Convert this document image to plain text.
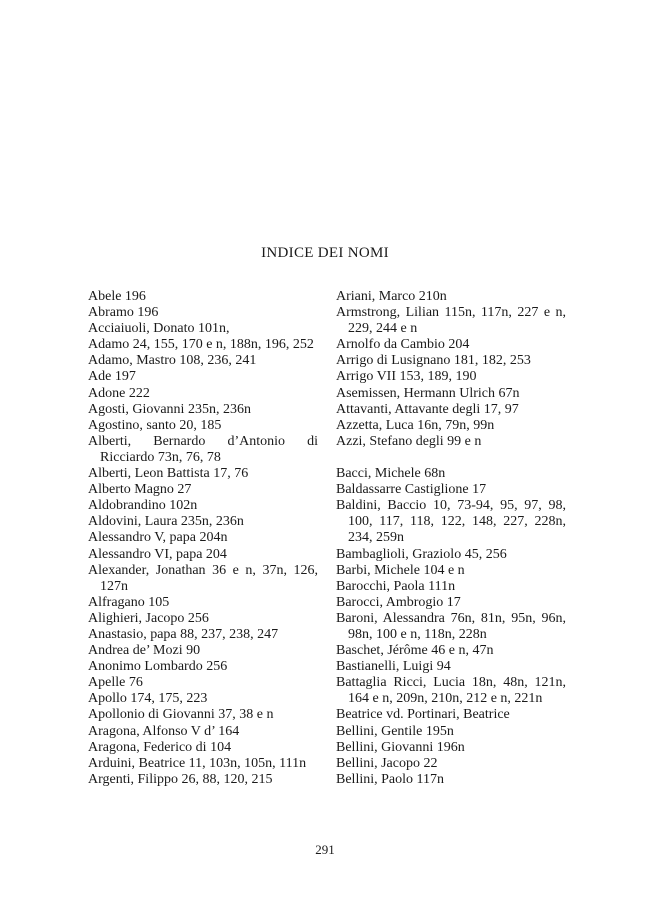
INDICE DEI NOMI
Abele 196
Abramo 196
Acciaiuoli, Donato 101n,
Adamo 24, 155, 170 e n, 188n, 196, 252
Adamo, Mastro 108, 236, 241
Ade 197
Adone 222
Agosti, Giovanni 235n, 236n
Agostino, santo 20, 185
Alberti, Bernardo d’Antonio di Ricciardo 73n, 76, 78
Alberti, Leon Battista 17, 76
Alberto Magno 27
Aldobrandino 102n
Aldovini, Laura 235n, 236n
Alessandro V, papa 204n
Alessandro VI, papa 204
Alexander, Jonathan 36 e n, 37n, 126, 127n
Alfragano 105
Alighieri, Jacopo 256
Anastasio, papa 88, 237, 238, 247
Andrea de’ Mozi 90
Anonimo Lombardo 256
Apelle 76
Apollo 174, 175, 223
Apollonio di Giovanni 37, 38 e n
Aragona, Alfonso V d’ 164
Aragona, Federico di 104
Arduini, Beatrice 11, 103n, 105n, 111n
Argenti, Filippo 26, 88, 120, 215
Ariani, Marco 210n
Armstrong, Lilian 115n, 117n, 227 e n, 229, 244 e n
Arnolfo da Cambio 204
Arrigo di Lusignano 181, 182, 253
Arrigo VII 153, 189, 190
Asemissen, Hermann Ulrich 67n
Attavanti, Attavante degli 17, 97
Azzetta, Luca 16n, 79n, 99n
Azzi, Stefano degli 99 e n
Bacci, Michele 68n
Baldassarre Castiglione 17
Baldini, Baccio 10, 73-94, 95, 97, 98, 100, 117, 118, 122, 148, 227, 228n, 234, 259n
Bambaglioli, Graziolo 45, 256
Barbi, Michele 104 e n
Barocchi, Paola 111n
Barocci, Ambrogio 17
Baroni, Alessandra 76n, 81n, 95n, 96n, 98n, 100 e n, 118n, 228n
Baschet, Jérôme 46 e n, 47n
Bastianelli, Luigi 94
Battaglia Ricci, Lucia 18n, 48n, 121n, 164 e n, 209n, 210n, 212 e n, 221n
Beatrice vd. Portinari, Beatrice
Bellini, Gentile 195n
Bellini, Giovanni 196n
Bellini, Jacopo 22
Bellini, Paolo 117n
291
